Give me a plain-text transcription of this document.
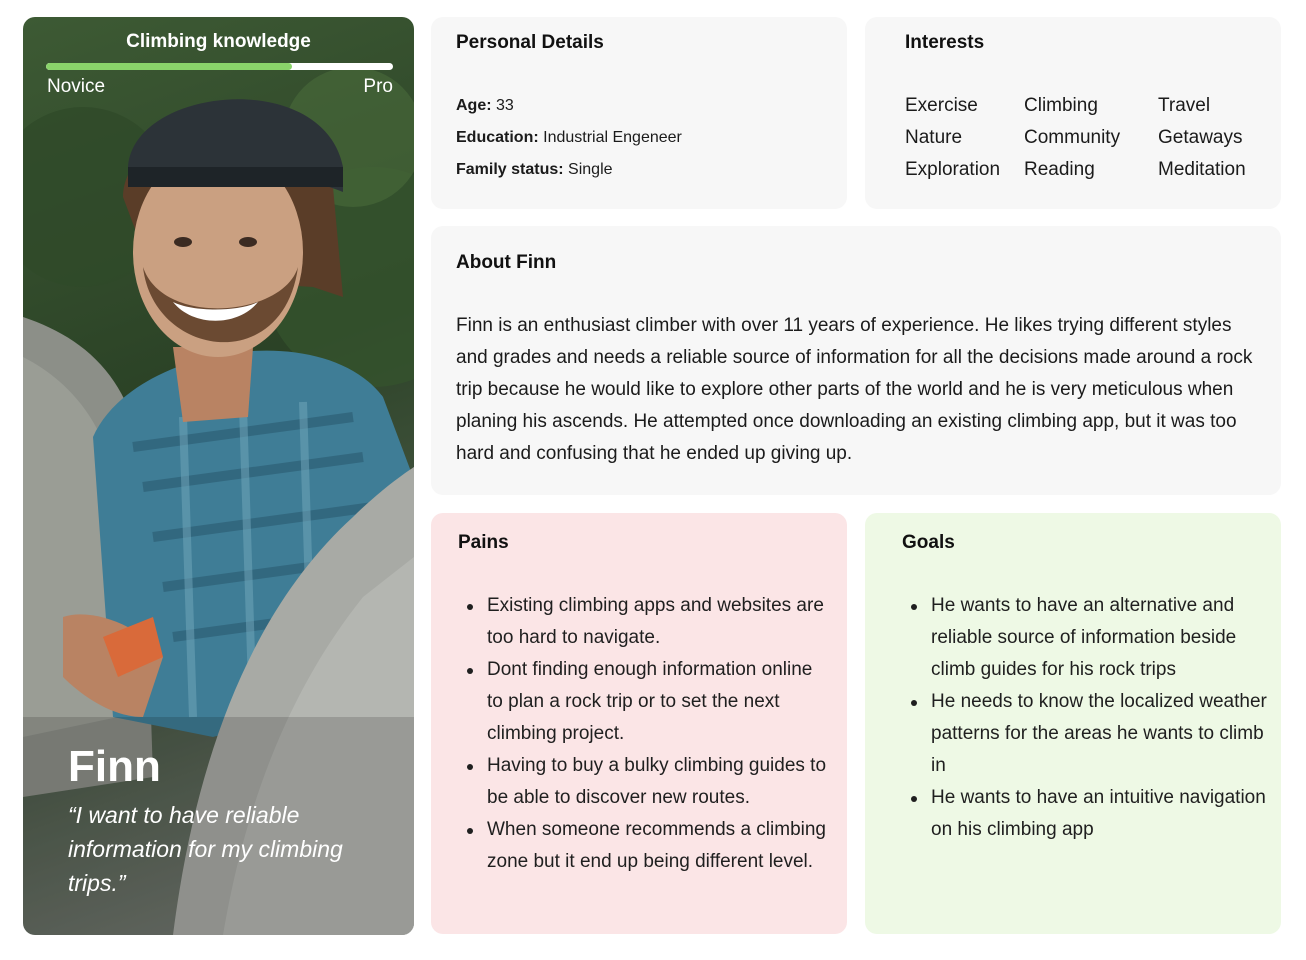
Climbing knowledge
Novice	Pro
Finn
“I want to have reliable information for my climbing trips.”
Personal Details
Age: 33
Education: Industrial Engeneer
Family status: Single
Interests
Exercise	Climbing	Travel
Nature	Community	Getaways
Exploration	Reading	Meditation
About Finn
Finn is an enthusiast climber with over 11 years of experience. He likes trying different styles and grades and needs a reliable source of information for all the decisions made around a rock trip because he would like to explore other parts of the world and he is very meticulous when planing his ascends. He attempted once downloading an existing climbing app, but it was too hard and confusing that he ended up giving up.
Pains
Existing climbing apps and websites are too hard to navigate.
Dont finding enough information online to plan a rock trip or to set the next climbing project.
Having to buy a bulky climbing guides to be able to discover new routes.
When someone recommends a climbing zone but it end up being different level.
Goals
He wants to have an alternative and reliable source of information beside climb guides for his rock trips
He needs to know the localized weather patterns for the areas he wants to climb in
He wants to have an intuitive navigation on his climbing app
